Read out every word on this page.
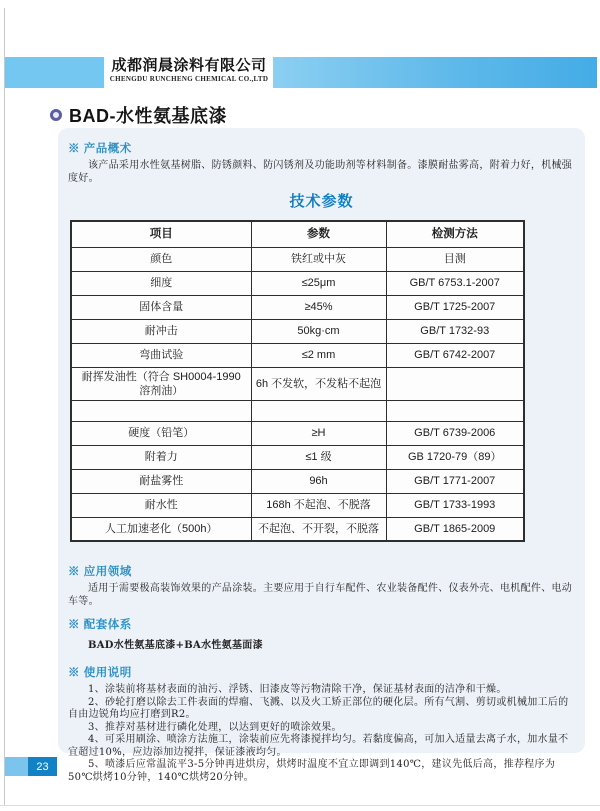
成都润晨涂料有限公司
CHENGDU RUNCHENG CHEMICAL CO.,LTD
BAD-水性氨基底漆
※ 产品概术
该产品采用水性氨基树脂、防锈颜料、防闪锈剂及功能助剂等材料制备。漆膜耐盐雾高，附着力好，机械强度好。
技术参数
项目	参数	检测方法
颜色	铁红或中灰	目测
细度	≤25μm	GB/T 6753.1-2007
固体含量	≥45%	GB/T 1725-2007
耐冲击	50kg·cm	GB/T 1732-93
弯曲试验	≤2 mm	GB/T 6742-2007
耐挥发油性（符合 SH0004-1990 溶剂油）	6h 不发软，不发粘不起泡	

硬度（铅笔）	≥H	GB/T 6739-2006
附着力	≤1 级	GB 1720-79（89）
耐盐雾性	96h	GB/T 1771-2007
耐水性	168h 不起泡、不脱落	GB/T 1733-1993
人工加速老化（500h）	不起泡、不开裂，不脱落	GB/T 1865-2009
※ 应用领域
适用于需要极高装饰效果的产品涂装。主要应用于自行车配件、农业装备配件、仪表外壳、电机配件、电动车等。
※ 配套体系
BAD水性氨基底漆+BA水性氨基面漆
※ 使用说明
1、涂装前将基材表面的油污、浮锈、旧漆皮等污物清除干净，保证基材表面的洁净和干燥。
2、砂轮打磨以除去工件表面的焊瘤、飞溅、以及火工矫正部位的硬化层。所有气割、剪切或机械加工后的自由边锐角均应打磨到R2。
3、推荐对基材进行磷化处理，以达到更好的喷涂效果。
4、可采用刷涂、喷涂方法施工，涂装前应先将漆搅拌均匀。若黏度偏高，可加入适量去离子水，加水量不宜超过10%，应边添加边搅拌，保证漆液均匀。
5、喷漆后应常温流平3-5分钟再进烘房，烘烤时温度不宜立即调到140℃，建议先低后高，推荐程序为50℃烘烤10分钟，140℃烘烤20分钟。
23
